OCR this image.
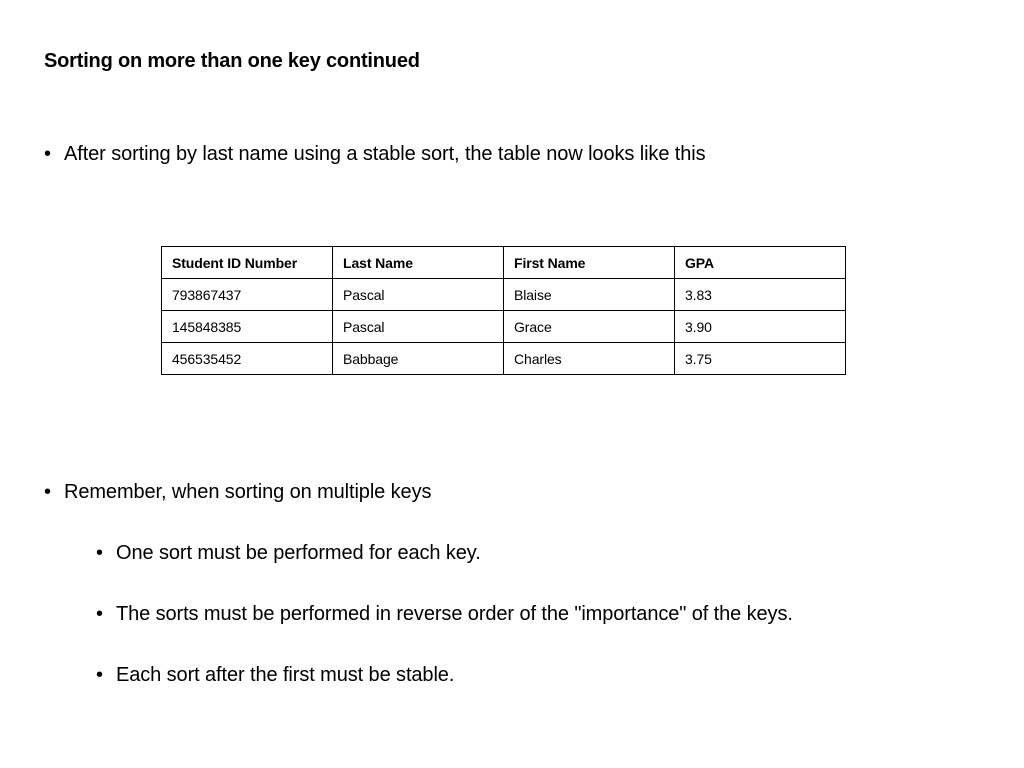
Sorting on more than one key continued
• After sorting by last name using a stable sort, the table now looks like this
Student ID Number	Last Name	First Name	GPA
793867437	Pascal	Blaise	3.83
145848385	Pascal	Grace	3.90
456535452	Babbage	Charles	3.75
• Remember, when sorting on multiple keys
• One sort must be performed for each key.
• The sorts must be performed in reverse order of the "importance" of the keys.
• Each sort after the first must be stable.
